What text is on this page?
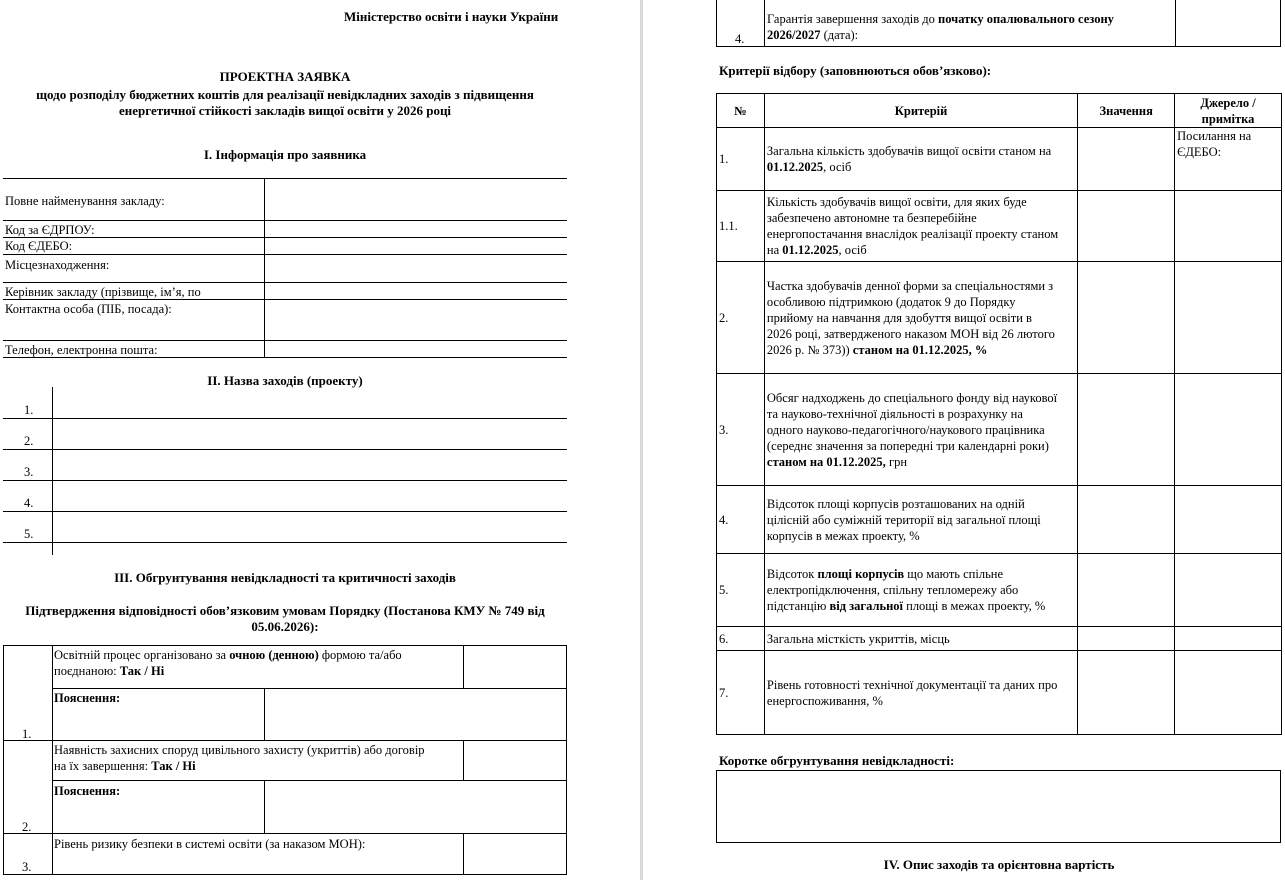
Міністерство освіти і науки України
ПРОЕКТНА ЗАЯВКА
щодо розподілу бюджетних коштів для реалізації невідкладних заходів з підвищення
енергетичної стійкості закладів вищої освіти у 2026 році
І. Інформація про заявника
Повне найменування закладу:
Код за ЄДРПОУ:
Код ЄДЕБО:
Місцезнаходження:
Керівник закладу (прізвище, ім’я, по
Контактна особа (ПІБ, посада):
Телефон, електронна пошта:
ІІ. Назва заходів (проекту)
1.
2.
3.
4.
5.
ІІІ. Обгрунтування невідкладності та критичності заходів
Підтвердження відповідності обов’язковим умовам Порядку (Постанова КМУ № 749 від
05.06.2026):
1.
Освітній процес організовано за очною (денною) формою та/або
поєднаною: Так / Ні
Пояснення:
2.
Наявність захисних споруд цивільного захисту (укриттів) або договір
на їх завершення: Так / Ні
Пояснення:
3.
Рівень ризику безпеки в системі освіти (за наказом МОН):
4.
Гарантія завершення заходів до початку опалювального сезону
2026/2027 (дата):
Критерії відбору (заповнюються обов’язково):
№	Критерій	Значення	Джерело /
примітка
1.	Загальна кількість здобувачів вищої освіти станом на
01.12.2025, осіб		Посилання на
ЄДЕБО:
1.1.	Кількість здобувачів вищої освіти, для яких буде
забезпечено автономне та безперебійне
енергопостачання внаслідок реалізації проекту станом
на 01.12.2025, осіб		
2.	Частка здобувачів денної форми за спеціальностями з
особливою підтримкою (додаток 9 до Порядку
прийому на навчання для здобуття вищої освіти в
2026 році, затвердженого наказом МОН від 26 лютого
2026 р. № 373)) станом на 01.12.2025, %		
3.	Обсяг надходжень до спеціального фонду від наукової
та науково-технічної діяльності в розрахунку на
одного науково-педагогічного/наукового працівника
(середнє значення за попередні три календарні роки)
станом на 01.12.2025, грн		
4.	Відсоток площі корпусів розташованих на одній
цілісній або суміжній території від загальної площі
корпусів в межах проекту, %		
5.	Відсоток площі корпусів що мають спільне
електропідключення, спільну тепломережу або
підстанцію від загальної площі в межах проекту, %		
6.	Загальна місткість укриттів, місць		
7.	Рівень готовності технічної документації та даних про
енергоспоживання, %		
Коротке обгрунтування невідкладності:
IV. Опис заходів та орієнтовна вартість
